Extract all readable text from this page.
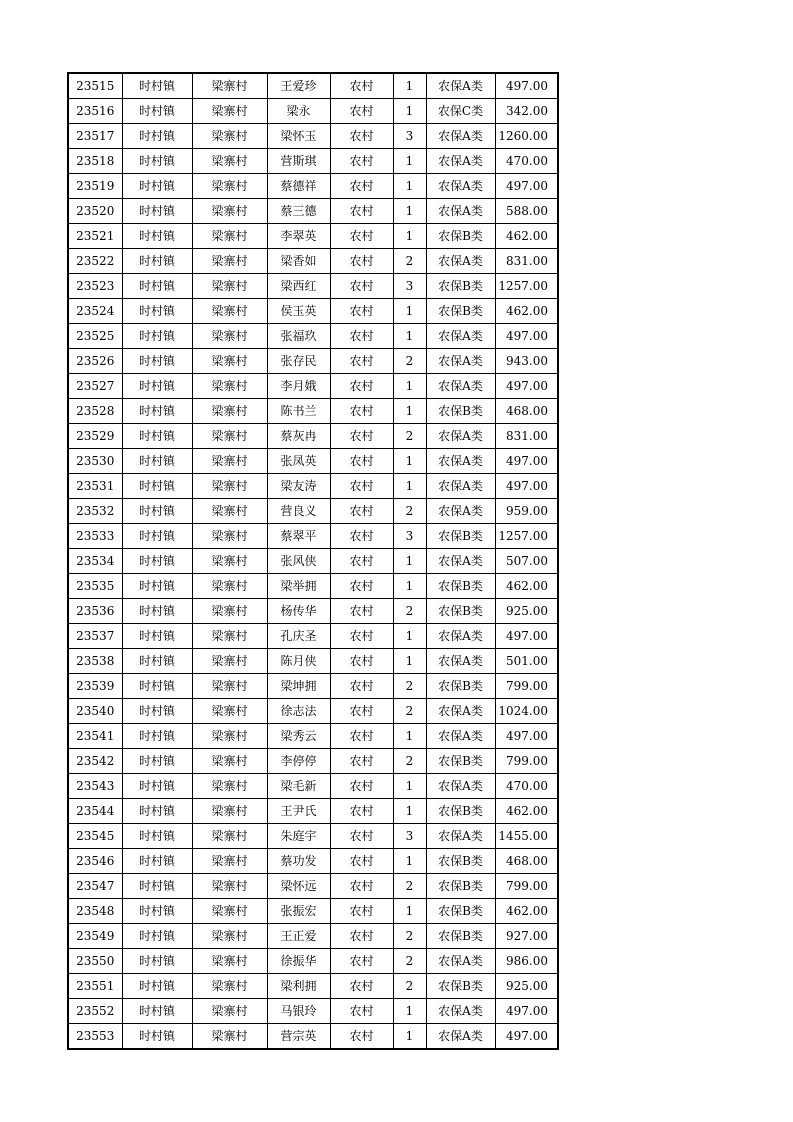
23515	时村镇	梁寨村	王爱珍	农村	1	农保A类	497.00
23516	时村镇	梁寨村	梁永	农村	1	农保C类	342.00
23517	时村镇	梁寨村	梁怀玉	农村	3	农保A类	1260.00
23518	时村镇	梁寨村	营斯琪	农村	1	农保A类	470.00
23519	时村镇	梁寨村	蔡德祥	农村	1	农保A类	497.00
23520	时村镇	梁寨村	蔡三德	农村	1	农保A类	588.00
23521	时村镇	梁寨村	李翠英	农村	1	农保B类	462.00
23522	时村镇	梁寨村	梁香如	农村	2	农保A类	831.00
23523	时村镇	梁寨村	梁西红	农村	3	农保B类	1257.00
23524	时村镇	梁寨村	侯玉英	农村	1	农保B类	462.00
23525	时村镇	梁寨村	张福玖	农村	1	农保A类	497.00
23526	时村镇	梁寨村	张存民	农村	2	农保A类	943.00
23527	时村镇	梁寨村	李月娥	农村	1	农保A类	497.00
23528	时村镇	梁寨村	陈书兰	农村	1	农保B类	468.00
23529	时村镇	梁寨村	蔡灰冉	农村	2	农保A类	831.00
23530	时村镇	梁寨村	张凤英	农村	1	农保A类	497.00
23531	时村镇	梁寨村	梁友涛	农村	1	农保A类	497.00
23532	时村镇	梁寨村	营良义	农村	2	农保A类	959.00
23533	时村镇	梁寨村	蔡翠平	农村	3	农保B类	1257.00
23534	时村镇	梁寨村	张风侠	农村	1	农保A类	507.00
23535	时村镇	梁寨村	梁举拥	农村	1	农保B类	462.00
23536	时村镇	梁寨村	杨传华	农村	2	农保B类	925.00
23537	时村镇	梁寨村	孔庆圣	农村	1	农保A类	497.00
23538	时村镇	梁寨村	陈月侠	农村	1	农保A类	501.00
23539	时村镇	梁寨村	梁坤拥	农村	2	农保B类	799.00
23540	时村镇	梁寨村	徐志法	农村	2	农保A类	1024.00
23541	时村镇	梁寨村	梁秀云	农村	1	农保A类	497.00
23542	时村镇	梁寨村	李停停	农村	2	农保B类	799.00
23543	时村镇	梁寨村	梁毛新	农村	1	农保A类	470.00
23544	时村镇	梁寨村	王尹氏	农村	1	农保B类	462.00
23545	时村镇	梁寨村	朱庭宇	农村	3	农保A类	1455.00
23546	时村镇	梁寨村	蔡功发	农村	1	农保B类	468.00
23547	时村镇	梁寨村	梁怀远	农村	2	农保B类	799.00
23548	时村镇	梁寨村	张振宏	农村	1	农保B类	462.00
23549	时村镇	梁寨村	王正爱	农村	2	农保B类	927.00
23550	时村镇	梁寨村	徐振华	农村	2	农保A类	986.00
23551	时村镇	梁寨村	梁利拥	农村	2	农保B类	925.00
23552	时村镇	梁寨村	马银玲	农村	1	农保A类	497.00
23553	时村镇	梁寨村	营宗英	农村	1	农保A类	497.00
